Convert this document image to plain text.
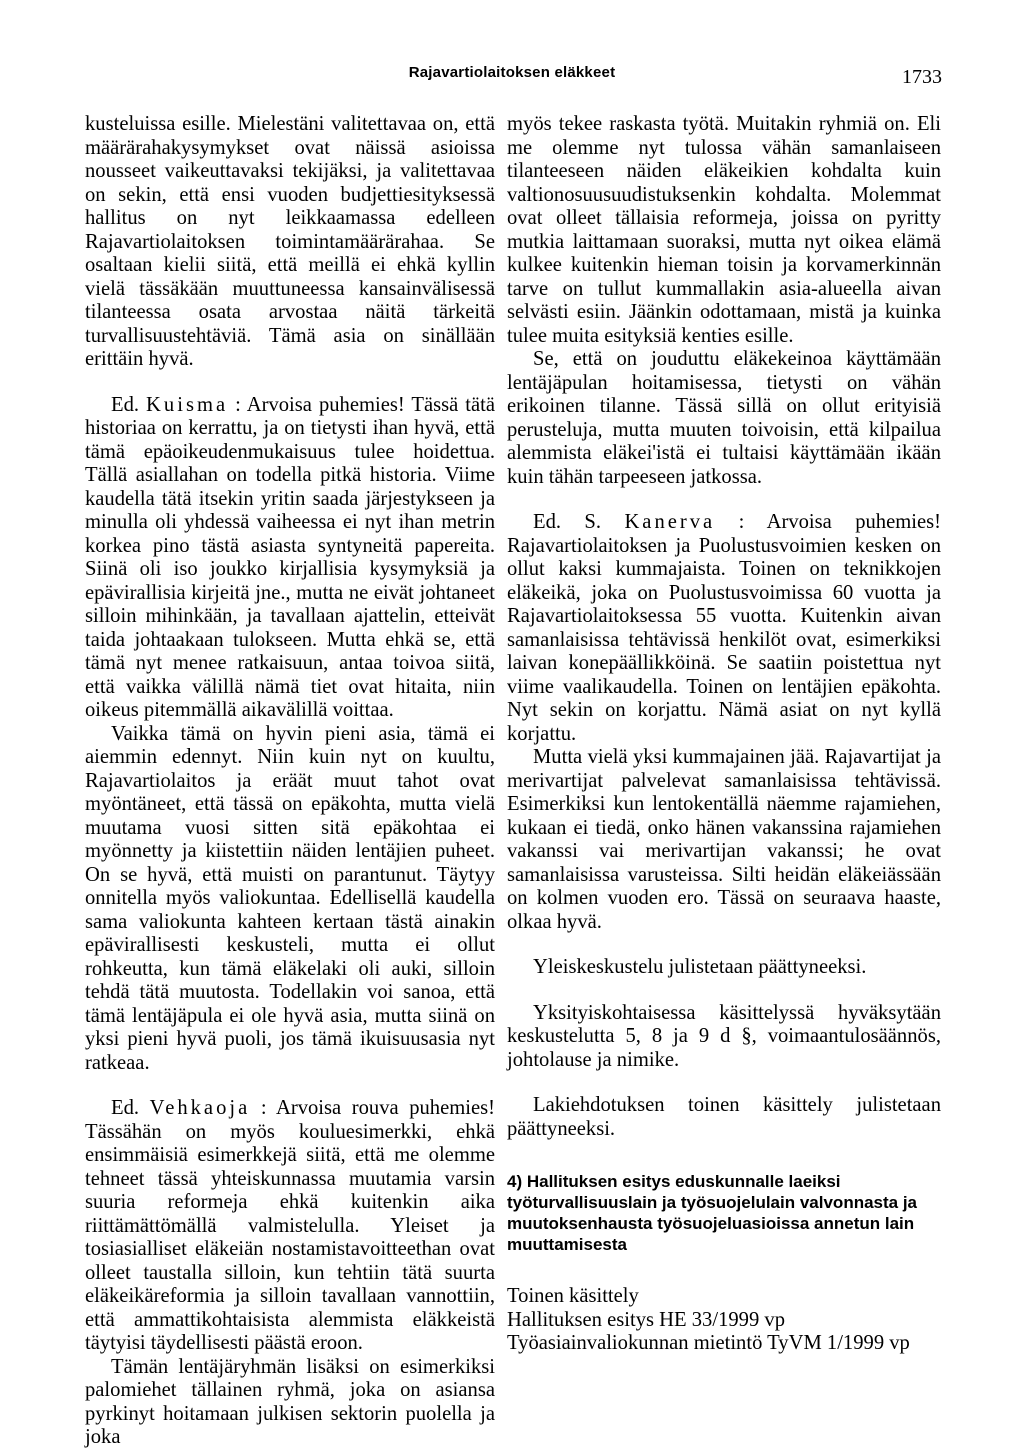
Rajavartiolaitoksen eläkkeet	1733

kusteluissa esille. Mielestäni valitettavaa on, että määrärahakysymykset ovat näissä asioissa nousseet vaikeuttavaksi tekijäksi, ja valitettavaa on sekin, että ensi vuoden budjettiesityksessä hallitus on nyt leikkaamassa edelleen Rajavartiolaitoksen toimintamäärärahaa. Se osaltaan kielii siitä, että meillä ei ehkä kyllin vielä tässäkään muuttuneessa kansainvälisessä tilanteessa osata arvostaa näitä tärkeitä turvallisuustehtäviä. Tämä asia on sinällään erittäin hyvä.

Ed. Kuisma : Arvoisa puhemies! Tässä tätä historiaa on kerrattu, ja on tietysti ihan hyvä, että tämä epäoikeudenmukaisuus tulee hoidettua. Tällä asiallahan on todella pitkä historia. Viime kaudella tätä itsekin yritin saada järjestykseen ja minulla oli yhdessä vaiheessa ei nyt ihan metrin korkea pino tästä asiasta syntyneitä papereita. Siinä oli iso joukko kirjallisia kysymyksiä ja epävirallisia kirjeitä jne., mutta ne eivät johtaneet silloin mihinkään, ja tavallaan ajattelin, etteivät taida johtaakaan tulokseen. Mutta ehkä se, että tämä nyt menee ratkaisuun, antaa toivoa siitä, että vaikka välillä nämä tiet ovat hitaita, niin oikeus pitemmällä aikavälillä voittaa.

Vaikka tämä on hyvin pieni asia, tämä ei aiemmin edennyt. Niin kuin nyt on kuultu, Rajavartiolaitos ja eräät muut tahot ovat myöntäneet, että tässä on epäkohta, mutta vielä muutama vuosi sitten sitä epäkohtaa ei myönnetty ja kiistettiin näiden lentäjien puheet. On se hyvä, että muisti on parantunut. Täytyy onnitella myös valiokuntaa. Edellisellä kaudella sama valiokunta kahteen kertaan tästä ainakin epävirallisesti keskusteli, mutta ei ollut rohkeutta, kun tämä eläkelaki oli auki, silloin tehdä tätä muutosta. Todellakin voi sanoa, että tämä lentäjäpula ei ole hyvä asia, mutta siinä on yksi pieni hyvä puoli, jos tämä ikuisuusasia nyt ratkeaa.

Ed. Vehkaoja : Arvoisa rouva puhemies! Tässähän on myös kouluesimerkki, ehkä ensimmäisiä esimerkkejä siitä, että me olemme tehneet tässä yhteiskunnassa muutamia varsin suuria reformeja ehkä kuitenkin aika riittämättömällä valmistelulla. Yleiset ja tosiasialliset eläkeiän nostamistavoitteethan ovat olleet taustalla silloin, kun tehtiin tätä suurta eläkeikäreformia ja silloin tavallaan vannottiin, että ammattikohtaisista alemmista eläkkeistä täytyisi täydellisesti päästä eroon.

Tämän lentäjäryhmän lisäksi on esimerkiksi palomiehet tällainen ryhmä, joka on asiansa pyrkinyt hoitamaan julkisen sektorin puolella ja joka

myös tekee raskasta työtä. Muitakin ryhmiä on. Eli me olemme nyt tulossa vähän samanlaiseen tilanteeseen näiden eläkeikien kohdalta kuin valtionosuusuudistuksenkin kohdalta. Molemmat ovat olleet tällaisia reformeja, joissa on pyritty mutkia laittamaan suoraksi, mutta nyt oikea elämä kulkee kuitenkin hieman toisin ja korvamerkinnän tarve on tullut kummallakin asia-alueella aivan selvästi esiin. Jäänkin odottamaan, mistä ja kuinka tulee muita esityksiä kenties esille.

Se, että on jouduttu eläkekeinoa käyttämään lentäjäpulan hoitamisessa, tietysti on vähän erikoinen tilanne. Tässä sillä on ollut erityisiä perusteluja, mutta muuten toivoisin, että kilpailua alemmista eläkei'istä ei tultaisi käyttämään ikään kuin tähän tarpeeseen jatkossa.

Ed. S. Kanerva : Arvoisa puhemies! Rajavartiolaitoksen ja Puolustusvoimien kesken on ollut kaksi kummajaista. Toinen on teknikkojen eläkeikä, joka on Puolustusvoimissa 60 vuotta ja Rajavartiolaitoksessa 55 vuotta. Kuitenkin aivan samanlaisissa tehtävissä henkilöt ovat, esimerkiksi laivan konepäällikköinä. Se saatiin poistettua nyt viime vaalikaudella. Toinen on lentäjien epäkohta. Nyt sekin on korjattu. Nämä asiat on nyt kyllä korjattu.

Mutta vielä yksi kummajainen jää. Rajavartijat ja merivartijat palvelevat samanlaisissa tehtävissä. Esimerkiksi kun lentokentällä näemme rajamiehen, kukaan ei tiedä, onko hänen vakanssina rajamiehen vakanssi vai merivartijan vakanssi; he ovat samanlaisissa varusteissa. Silti heidän eläkeiässään on kolmen vuoden ero. Tässä on seuraava haaste, olkaa hyvä.

Yleiskeskustelu julistetaan päättyneeksi.

Yksityiskohtaisessa käsittelyssä hyväksytään keskustelutta 5, 8 ja 9 d §, voimaantulosäännös, johtolause ja nimike.

Lakiehdotuksen toinen käsittely julistetaan päättyneeksi.

4) Hallituksen esitys eduskunnalle laeiksi työturvallisuuslain ja työsuojelulain valvonnasta ja muutoksenhausta työsuojeluasioissa annetun lain muuttamisesta

Toinen käsittely
Hallituksen esitys HE 33/1999 vp
Työasiainvaliokunnan mietintö TyVM 1/1999 vp
